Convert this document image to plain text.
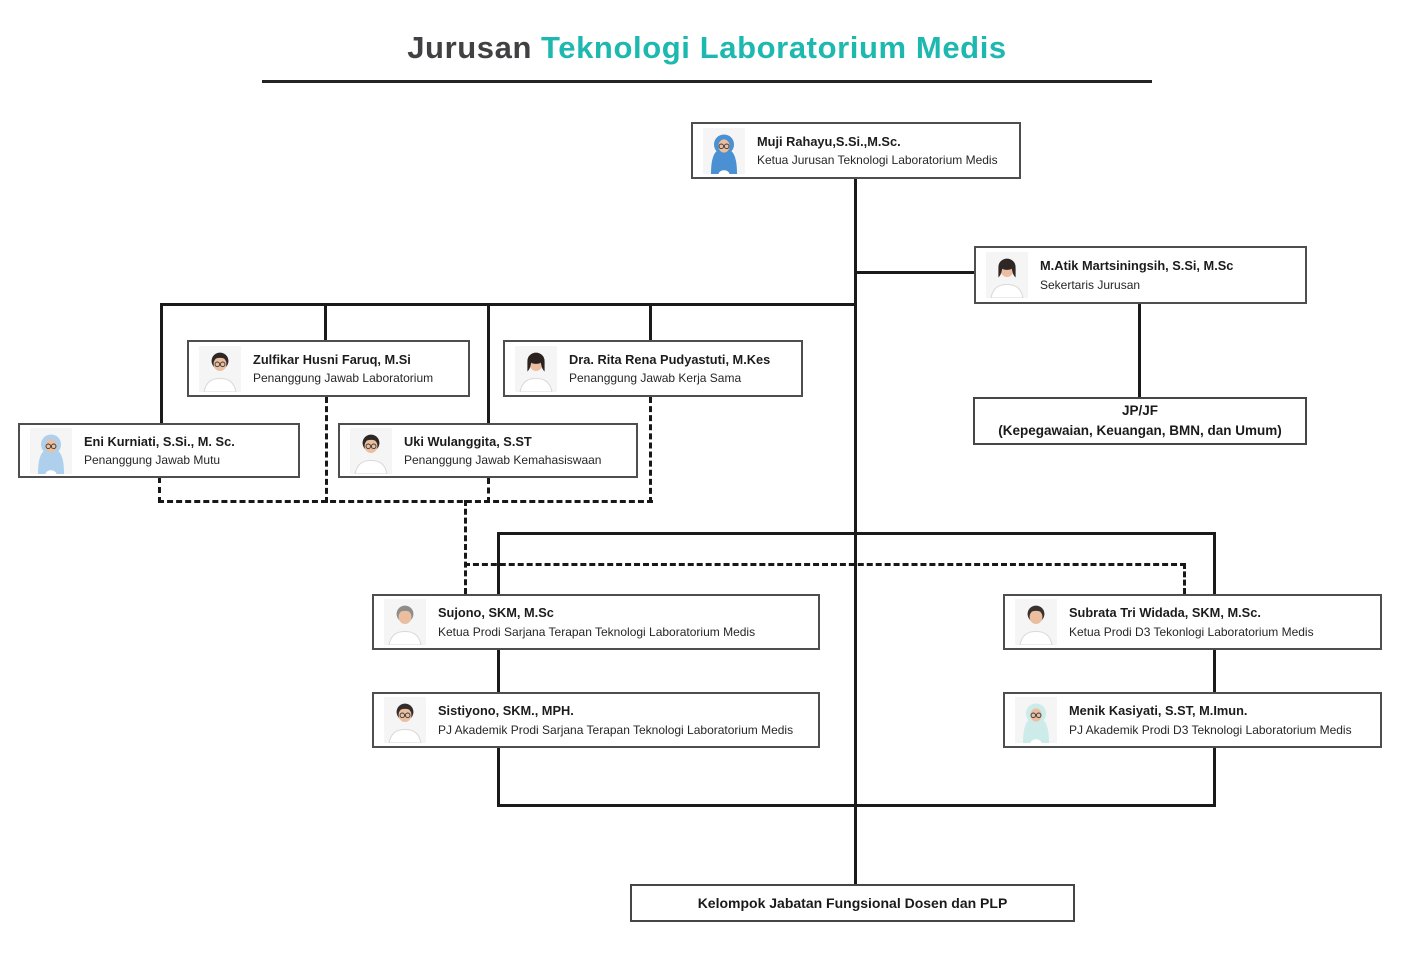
Jurusan Teknologi Laboratorium Medis
Muji Rahayu,S.Si.,M.Sc.
Ketua Jurusan Teknologi Laboratorium Medis
M.Atik Martsiningsih, S.Si, M.Sc
Sekertaris Jurusan
Zulfikar Husni Faruq, M.Si
Penanggung Jawab Laboratorium
Dra. Rita Rena Pudyastuti, M.Kes
Penanggung Jawab Kerja Sama
Eni Kurniati, S.Si., M. Sc.
Penanggung Jawab Mutu
Uki Wulanggita, S.ST
Penanggung Jawab Kemahasiswaan
Sujono, SKM, M.Sc
Ketua Prodi Sarjana Terapan Teknologi Laboratorium Medis
Subrata Tri Widada, SKM, M.Sc.
Ketua Prodi D3 Tekonlogi Laboratorium Medis
Sistiyono, SKM., MPH.
PJ Akademik Prodi Sarjana Terapan Teknologi Laboratorium Medis
Menik Kasiyati, S.ST, M.Imun.
PJ Akademik Prodi D3 Teknologi Laboratorium Medis
JP/JF
(Kepegawaian, Keuangan, BMN, dan Umum)
Kelompok Jabatan Fungsional Dosen dan PLP
